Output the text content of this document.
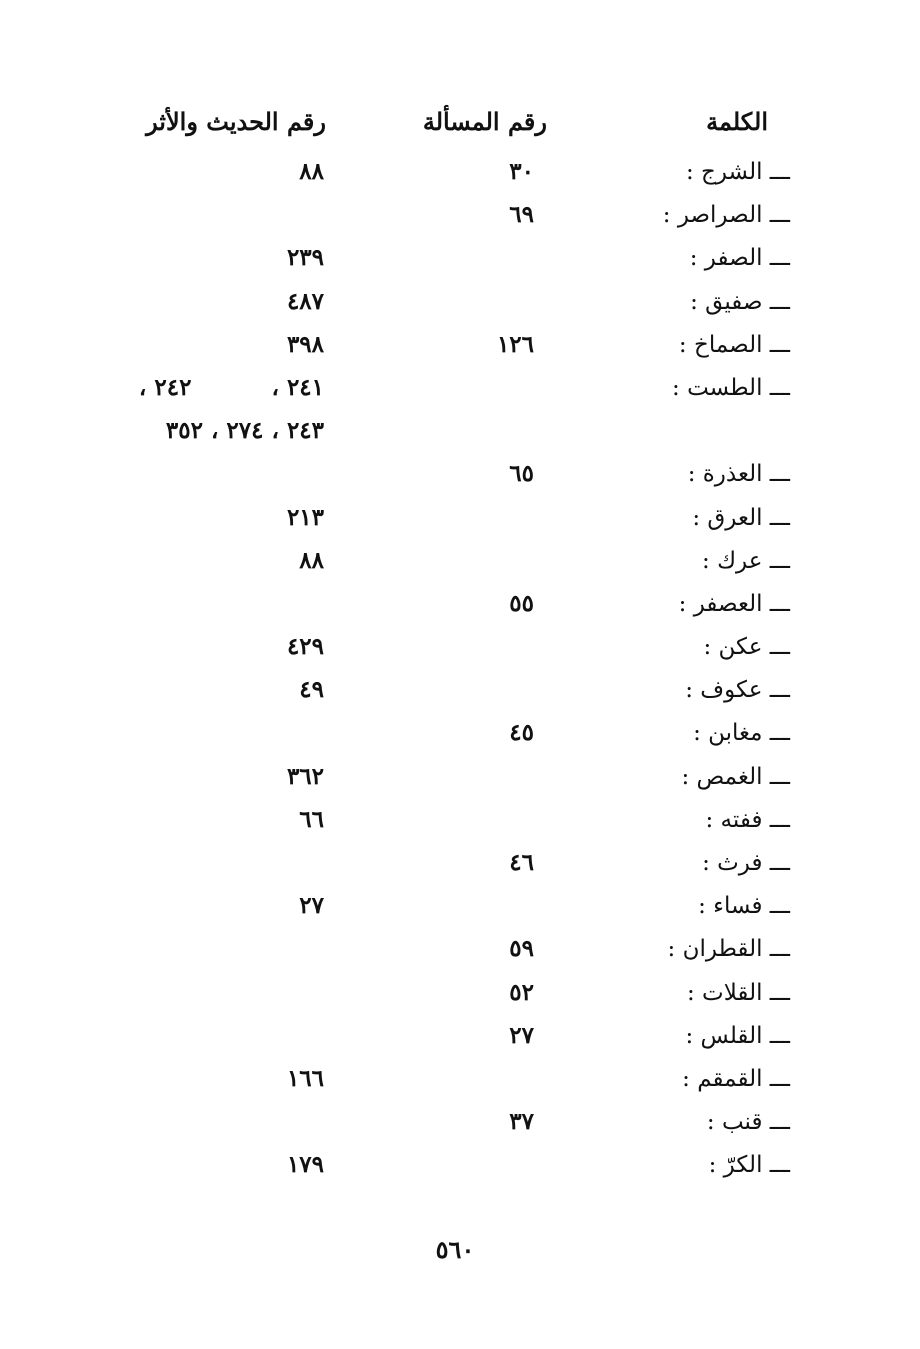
الكلمة
رقم المسألة
رقم الحديث والأثر
ـــ الشرج :
٣٠
٨٨
ـــ الصراصر :
٦٩
ـــ الصفر :
٢٣٩
ـــ صفيق :
٤٨٧
ـــ الصماخ :
١٢٦
٣٩٨
ـــ الطست :
٢٤١ ،          ٢٤٢ ،
٢٤٣ ، ٢٧٤ ، ٣٥٢
ـــ العذرة :
٦٥
ـــ العرق :
٢١٣
ـــ عرك :
٨٨
ـــ العصفر :
٥٥
ـــ عكن :
٤٢٩
ـــ عكوف :
٤٩
ـــ مغابن :
٤٥
ـــ الغمص :
٣٦٢
ـــ ففته :
٦٦
ـــ فرث :
٤٦
ـــ فساء :
٢٧
ـــ القطران :
٥٩
ـــ القلات :
٥٢
ـــ القلس :
٢٧
ـــ القمقم :
١٦٦
ـــ قنب :
٣٧
ـــ الكرّ :
١٧٩
٥٦٠
